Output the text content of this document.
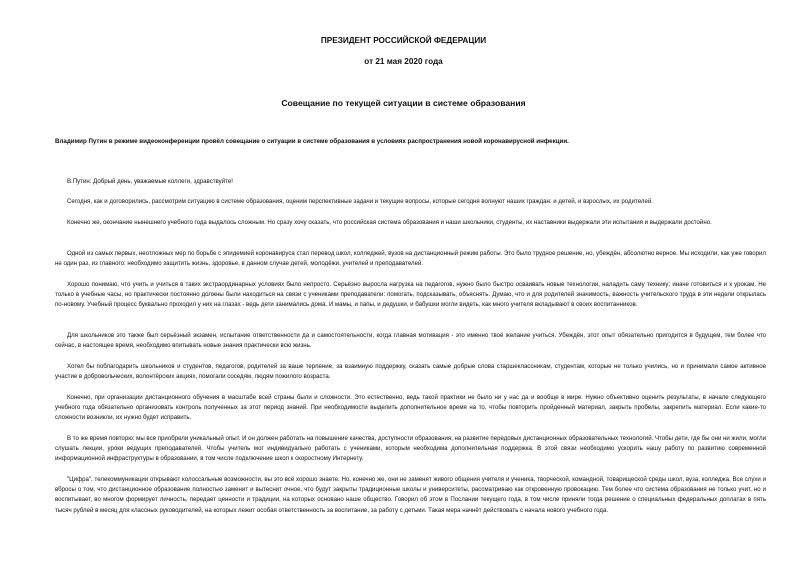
ПРЕЗИДЕНТ РОССИЙСКОЙ ФЕДЕРАЦИИ
от 21 мая 2020 года
Совещание по текущей ситуации в системе образования
Владимир Путин в режиме видеоконференции провёл совещание о ситуации в системе образования в условиях распространения новой коронавирусной инфекции.
В.Путин: Добрый день, уважаемые коллеги, здравствуйте!
Сегодня, как и договорились, рассмотрим ситуацию в системе образования, оценим перспективные задачи и текущие вопросы, которые сегодня волнуют наших граждан: и детей, и взрослых, их родителей.
Конечно же, окончание нынешнего учебного года выдалось сложным. Но сразу хочу сказать, что российская система образования и наши школьники, студенты, их наставники выдержали эти испытания и выдержали достойно.
Одной из самых первых, неотложных мер по борьбе с эпидемией коронавируса стал перевод школ, колледжей, вузов на дистанционный режим работы. Это было трудное решение, но, убеждён, абсолютно верное. Мы исходили, как уже говорил не один раз, из главного: необходимо защитить жизнь, здоровье, в данном случае детей, молодёжи, учителей и преподавателей.
Хорошо понимаю, что учить и учиться в таких экстраординарных условиях было непросто. Серьёзно выросла нагрузка на педагогов, нужно было быстро осваивать новые технологии, наладить саму технику; иначе готовиться и к урокам. Не только в учебные часы, но практически постоянно должны были находиться на связи с учениками преподаватели: помогать, подсказывать, объяснять. Думаю, что и для родителей значимость, важность учительского труда в эти недели открылась по-новому. Учебный процесс буквально проходил у них на глазах - ведь дети занимались дома. И мамы, и папы, и дедушки, и бабушки могли видеть, как много учителя вкладывают в своих воспитанников.
Для школьников это также был серьёзный экзамен, испытание ответственности да и самостоятельности, когда главная мотивация - это именно твоё желание учиться. Убеждён, этот опыт обязательно пригодится в будущем, тем более что сейчас, в настоящее время, необходимо впитывать новые знания практически всю жизнь.
Хотел бы поблагодарить школьников и студентов, педагогов, родителей за ваше терпение, за взаимную поддержку, сказать самые добрые слова старшеклассникам, студентам, которые не только учились, но и принимали самое активное участие в добровольческих, волонтёрских акциях, помогали соседям, людям пожилого возраста.
Конечно, при организации дистанционного обучения в масштабе всей страны были и сложности. Это естественно, ведь такой практики не было ни у нас да и вообще в мире. Нужно объективно оценить результаты, в начале следующего учебного года обязательно организовать контроль полученных за этот период знаний. При необходимости выделить дополнительное время на то, чтобы повторить пройденный материал, закрыть пробелы, закрепить материал. Если какие-то сложности возникли, их нужно будет исправить.
В то же время повторю: мы все приобрели уникальный опыт. И он должен работать на повышение качества, доступности образования, на развитие передовых дистанционных образовательных технологий. Чтобы дети, где бы они ни жили, могли слушать лекции, уроки ведущих преподавателей. Чтобы учитель мог индивидуально работать с учениками, которым необходима дополнительная поддержка. В этой связи необходимо ускорить нашу работу по развитию современной информационной инфраструктуры в образовании, в том числе подключение школ к скоростному Интернету.
"Цифра", телекоммуникации открывают колоссальные возможности, вы это всё хорошо знаете. Но, конечно же, они не заменят живого общения учителя и ученика, творческой, командной, товарищеской среды школ, вуза, колледжа. Все слухи и вбросы о том, что дистанционное образование полностью заменит и вытеснит очное, что будут закрыты традиционные школы и университеты, рассматриваю как откровенную провокацию. Тем более что система образования не только учит, но и воспитывает, во многом формирует личность, передает ценности и традиции, на которых основано наше общество. Говорил об этом в Послании текущего года, в том числе приняли тогда решение о специальных федеральных доплатах в пять тысяч рублей в месяц для классных руководителей, на которых лежит особая ответственность за воспитание, за работу с детьми. Такая мера начнёт действовать с начала нового учебного года.
